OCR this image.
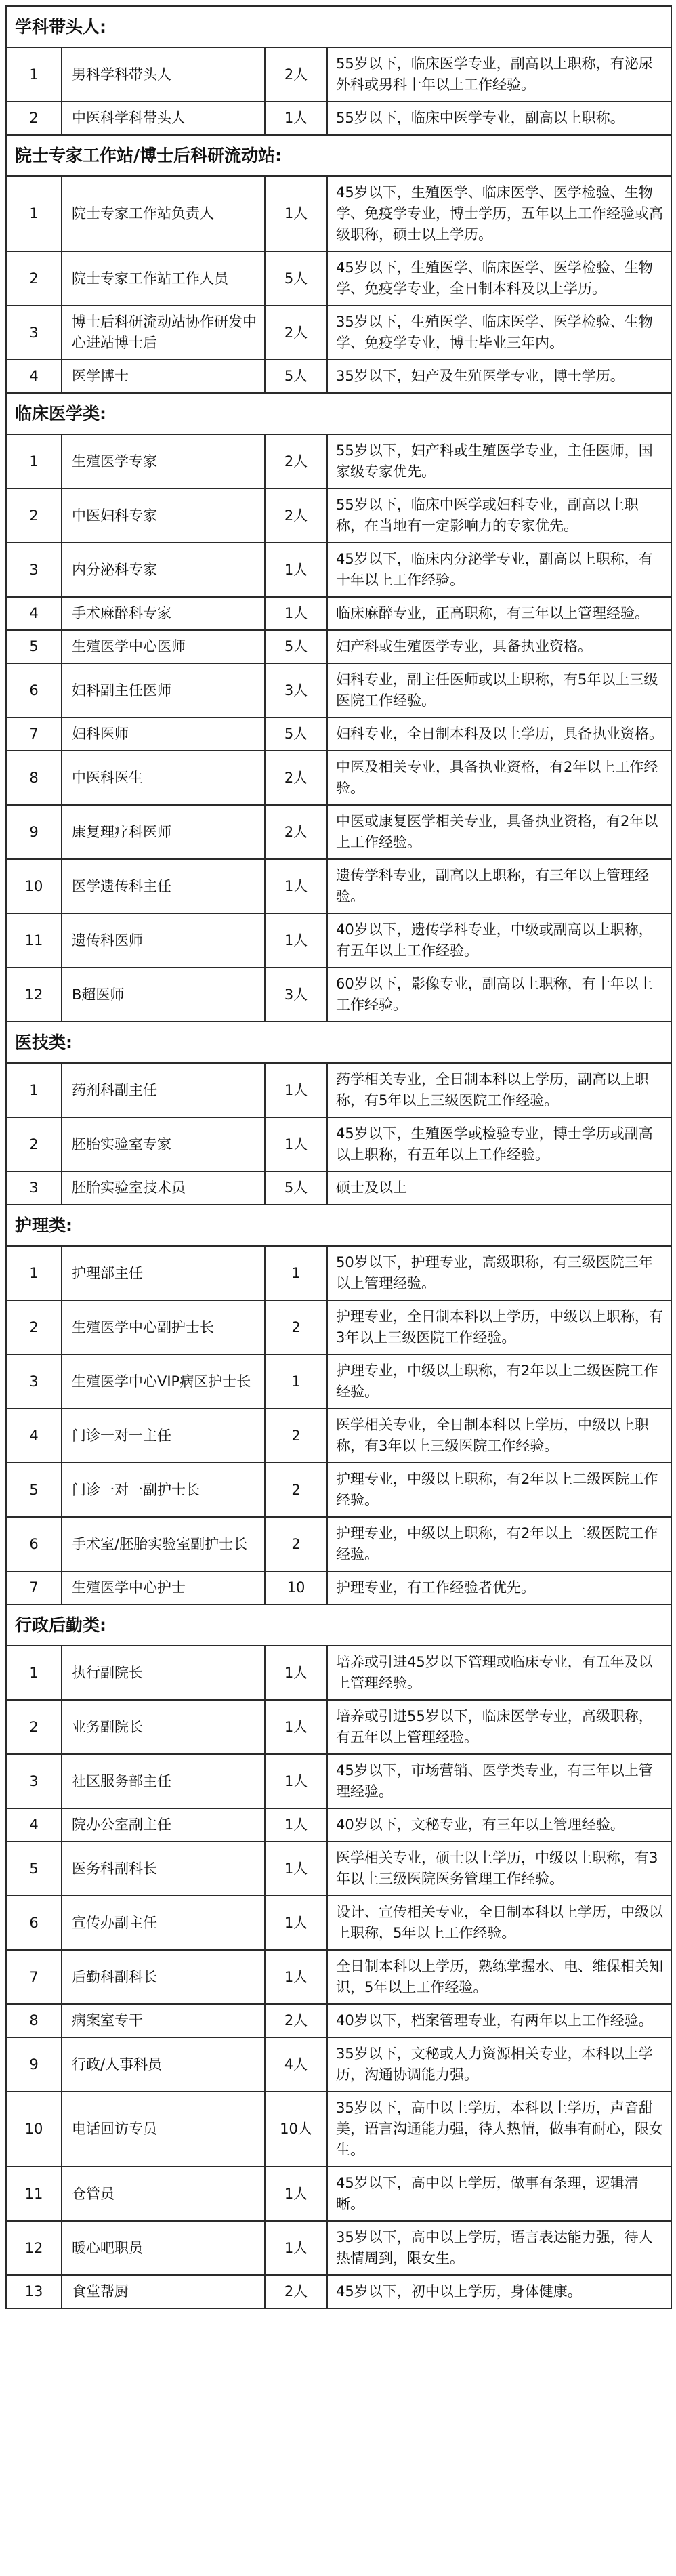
学科带头人:			
1	男科学科带头人	2人	55岁以下，临床医学专业，副高以上职称，有泌尿外科或男科十年以上工作经验。
2	中医科学科带头人	1人	55岁以下，临床中医学专业，副高以上职称。
院士专家工作站/博士后科研流动站:			
1	院士专家工作站负责人	1人	45岁以下，生殖医学、临床医学、医学检验、生物学、免疫学专业，博士学历，五年以上工作经验或高级职称，硕士以上学历。
2	院士专家工作站工作人员	5人	45岁以下，生殖医学、临床医学、医学检验、生物学、免疫学专业，全日制本科及以上学历。
3	博士后科研流动站协作研发中心进站博士后	2人	35岁以下，生殖医学、临床医学、医学检验、生物学、免疫学专业，博士毕业三年内。
4	医学博士	5人	35岁以下，妇产及生殖医学专业，博士学历。
临床医学类:			
1	生殖医学专家	2人	55岁以下，妇产科或生殖医学专业，主任医师，国家级专家优先。
2	中医妇科专家	2人	55岁以下，临床中医学或妇科专业，副高以上职称，在当地有一定影响力的专家优先。
3	内分泌科专家	1人	45岁以下，临床内分泌学专业，副高以上职称，有十年以上工作经验。
4	手术麻醉科专家	1人	临床麻醉专业，正高职称，有三年以上管理经验。
5	生殖医学中心医师	5人	妇产科或生殖医学专业，具备执业资格。
6	妇科副主任医师	3人	妇科专业，副主任医师或以上职称，有5年以上三级医院工作经验。
7	妇科医师	5人	妇科专业，全日制本科及以上学历，具备执业资格。
8	中医科医生	2人	中医及相关专业，具备执业资格，有2年以上工作经验。
9	康复理疗科医师	2人	中医或康复医学相关专业，具备执业资格，有2年以上工作经验。
10	医学遗传科主任	1人	遗传学科专业，副高以上职称，有三年以上管理经验。
11	遗传科医师	1人	40岁以下，遗传学科专业，中级或副高以上职称，有五年以上工作经验。
12	B超医师	3人	60岁以下，影像专业，副高以上职称，有十年以上工作经验。
医技类:			
1	药剂科副主任	1人	药学相关专业，全日制本科以上学历，副高以上职称，有5年以上三级医院工作经验。
2	胚胎实验室专家	1人	45岁以下，生殖医学或检验专业，博士学历或副高以上职称，有五年以上工作经验。
3	胚胎实验室技术员	5人	硕士及以上
护理类:			
1	护理部主任	1	50岁以下，护理专业，高级职称，有三级医院三年以上管理经验。
2	生殖医学中心副护士长	2	护理专业，全日制本科以上学历，中级以上职称，有3年以上三级医院工作经验。
3	生殖医学中心VIP病区护士长	1	护理专业，中级以上职称，有2年以上二级医院工作经验。
4	门诊一对一主任	2	医学相关专业，全日制本科以上学历，中级以上职称，有3年以上三级医院工作经验。
5	门诊一对一副护士长	2	护理专业，中级以上职称，有2年以上二级医院工作经验。
6	手术室/胚胎实验室副护士长	2	护理专业，中级以上职称，有2年以上二级医院工作经验。
7	生殖医学中心护士	10	护理专业，有工作经验者优先。
行政后勤类:			
1	执行副院长	1人	培养或引进45岁以下管理或临床专业，有五年及以上管理经验。
2	业务副院长	1人	培养或引进55岁以下，临床医学专业，高级职称，有五年以上管理经验。
3	社区服务部主任	1人	45岁以下，市场营销、医学类专业，有三年以上管理经验。
4	院办公室副主任	1人	40岁以下，文秘专业，有三年以上管理经验。
5	医务科副科长	1人	医学相关专业，硕士以上学历，中级以上职称，有3年以上三级医院医务管理工作经验。
6	宣传办副主任	1人	设计、宣传相关专业，全日制本科以上学历，中级以上职称，5年以上工作经验。
7	后勤科副科长	1人	全日制本科以上学历，熟练掌握水、电、维保相关知识，5年以上工作经验。
8	病案室专干	2人	40岁以下，档案管理专业，有两年以上工作经验。
9	行政/人事科员	4人	35岁以下，文秘或人力资源相关专业，本科以上学历，沟通协调能力强。
10	电话回访专员	10人	35岁以下，高中以上学历，本科以上学历，声音甜美，语言沟通能力强，待人热情，做事有耐心，限女生。
11	仓管员	1人	45岁以下，高中以上学历，做事有条理，逻辑清晰。
12	暖心吧职员	1人	35岁以下，高中以上学历，语言表达能力强，待人热情周到，限女生。
13	食堂帮厨	2人	45岁以下，初中以上学历，身体健康。
